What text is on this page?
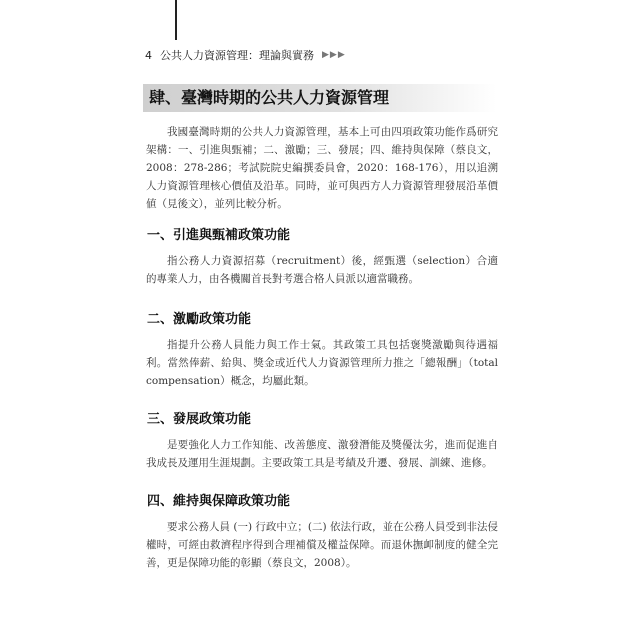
4 公共人力資源管理：理論與實務 ▶▶▶
肆、臺灣時期的公共人力資源管理

我國臺灣時期的公共人力資源管理，基本上可由四項政策功能作爲研究架構：一、引進與甄補；二、激勵；三、發展；四、維持與保障（蔡良文，2008：278-286；考試院院史編撰委員會，2020：168-176），用以追溯人力資源管理核心價值及沿革。同時，並可與西方人力資源管理發展沿革價値（見後文），並列比較分析。

一、引進與甄補政策功能

指公務人力資源招募（recruitment）後，經甄選（selection）合適的專業人力，由各機關首長對考選合格人員派以適當職務。

二、激勵政策功能

指提升公務人員能力與工作士氣。其政策工具包括褒獎激勵與待遇福利。當然俸薪、給與、獎金或近代人力資源管理所力推之「總報酬」（total compensation）概念，均屬此類。

三、發展政策功能

是要強化人力工作知能、改善態度、激發潛能及獎優汰劣，進而促進自我成長及運用生涯規劃。主要政策工具是考績及升遷、發展、訓練、進修。

四、維持與保障政策功能

要求公務人員 (一) 行政中立；(二) 依法行政，並在公務人員受到非法侵權時，可經由救濟程序得到合理補償及權益保障。而退休撫卹制度的健全完善，更是保障功能的彰顯（蔡良文，2008）。
